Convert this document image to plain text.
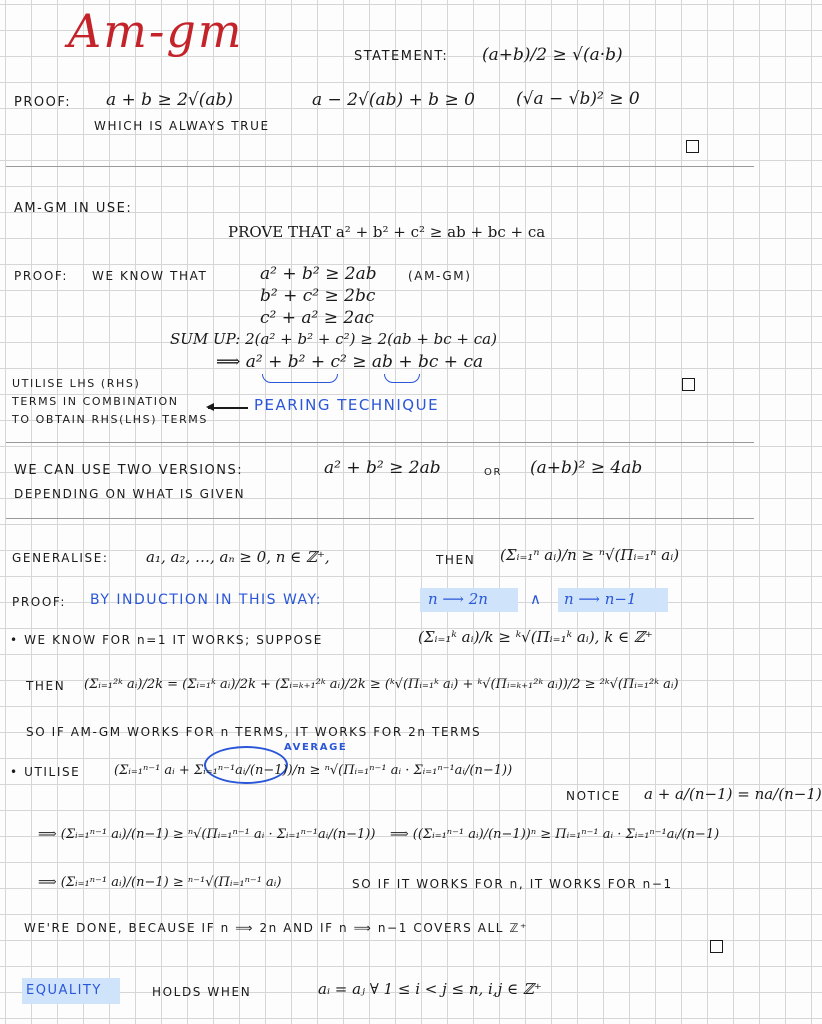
Am-gm	STATEMENT: (a+b)/2 ≥ √(a·b)
PROOF: a + b ≥ 2√(ab)	a − 2√(ab) + b ≥ 0 (√a − √b)² ≥ 0
WHICH IS ALWAYS TRUE
AM-GM IN USE:
PROVE THAT a² + b² + c² ≥ ab + bc + ca
PROOF: WE KNOW THAT	a² + b² ≥ 2ab	(AM-GM)
b² + c² ≥ 2bc
c² + a² ≥ 2ac
SUM UP: 2(a² + b² + c²) ≥ 2(ab + bc + ca)
⟹ a² + b² + c² ≥ ab + bc + ca
UTILISE LHS (RHS)
TERMS IN COMBINATION
TO OBTAIN RHS(LHS) TERMS
PEARING TECHNIQUE
WE CAN USE TWO VERSIONS:
DEPENDING ON WHAT IS GIVEN
a² + b² ≥ 2ab	OR (a+b)² ≥ 4ab
GENERALISE: a₁, a₂, …, aₙ ≥ 0, n ∈ ℤ⁺,	THEN (Σᵢ₌₁ⁿ aᵢ)/n ≥ ⁿ√(Πᵢ₌₁ⁿ aᵢ)
PROOF: BY INDUCTION IN THIS WAY:	n ⟶ 2n	∧ n ⟶ n−1
• WE KNOW FOR n=1 IT WORKS; SUPPOSE	(Σᵢ₌₁ᵏ aᵢ)/k ≥ ᵏ√(Πᵢ₌₁ᵏ aᵢ), k ∈ ℤ⁺
THEN (Σᵢ₌₁²ᵏ aᵢ)/2k = (Σᵢ₌₁ᵏ aᵢ)/2k + (Σᵢ₌ₖ₊₁²ᵏ aᵢ)/2k ≥ (ᵏ√(Πᵢ₌₁ᵏ aᵢ) + ᵏ√(Πᵢ₌ₖ₊₁²ᵏ aᵢ))/2 ≥ ²ᵏ√(Πᵢ₌₁²ᵏ aᵢ)
SO IF AM-GM WORKS FOR n TERMS, IT WORKS FOR 2n TERMS
AVERAGE
• UTILISE	(Σᵢ₌₁ⁿ⁻¹ aᵢ + Σᵢ₌₁ⁿ⁻¹aᵢ/(n−1))/n ≥ ⁿ√(Πᵢ₌₁ⁿ⁻¹ aᵢ · Σᵢ₌₁ⁿ⁻¹aᵢ/(n−1))
NOTICE a + a/(n−1) = na/(n−1)
⟹ (Σᵢ₌₁ⁿ⁻¹ aᵢ)/(n−1) ≥ ⁿ√(Πᵢ₌₁ⁿ⁻¹ aᵢ · Σᵢ₌₁ⁿ⁻¹aᵢ/(n−1)) ⟹ ((Σᵢ₌₁ⁿ⁻¹ aᵢ)/(n−1))ⁿ ≥ Πᵢ₌₁ⁿ⁻¹ aᵢ · Σᵢ₌₁ⁿ⁻¹aᵢ/(n−1)
⟹ (Σᵢ₌₁ⁿ⁻¹ aᵢ)/(n−1) ≥ ⁿ⁻¹√(Πᵢ₌₁ⁿ⁻¹ aᵢ)	SO IF IT WORKS FOR n, IT WORKS FOR n−1
WE'RE DONE, BECAUSE IF n ⟹ 2n AND IF n ⟹ n−1 COVERS ALL ℤ⁺
EQUALITY	HOLDS WHEN	aᵢ = aⱼ ∀ 1 ≤ i < j ≤ n, i,j ∈ ℤ⁺
